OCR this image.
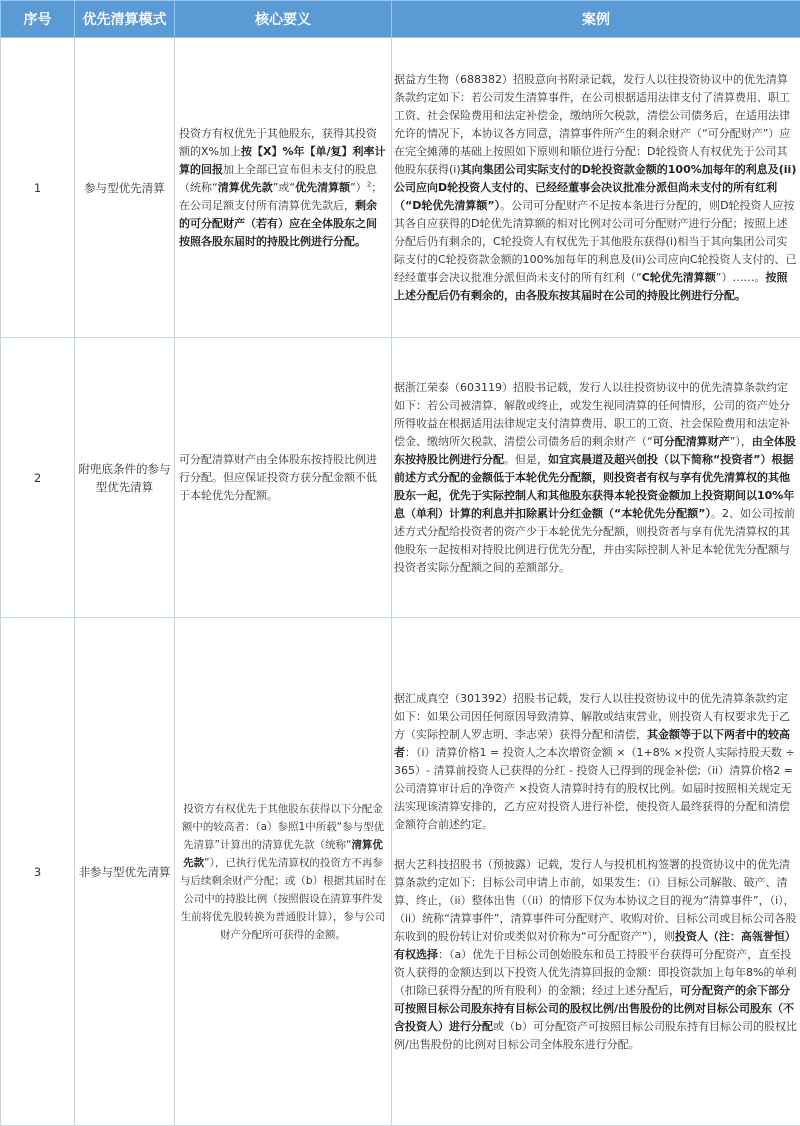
序号	优先清算模式	核心要义	案例
1	参与型优先清算	投资方有权优先于其他股东，获得其投资额的X%加上按【X】%年【单/复】利率计算的回报加上全部已宣布但未支付的股息（统称“清算优先款”或“优先清算额”）$^2$；在公司足额支付所有清算优先款后，剩余的可分配财产（若有）应在全体股东之间按照各股东届时的持股比例进行分配。	据益方生物（688382）招股意向书附录记载，发行人以往投资协议中的优先清算条款约定如下：若公司发生清算事件，在公司根据适用法律支付了清算费用、职工工资、社会保险费用和法定补偿金，缴纳所欠税款，清偿公司债务后，在适用法律允许的情况下，本协议各方同意，清算事件所产生的剩余财产（“可分配财产”）应在完全摊薄的基础上按照如下原则和顺位进行分配：D轮投资人有权优先于公司其他股东获得(i)其向集团公司实际支付的D轮投资款金额的100%加每年的利息及(ii)公司应向D轮投资人支付的、已经经董事会决议批准分派但尚未支付的所有红利（“D轮优先清算额”）。公司可分配财产不足按本条进行分配的，则D轮投资人应按其各自应获得的D轮优先清算额的相对比例对公司可分配财产进行分配；按照上述分配后仍有剩余的，C轮投资人有权优先于其他股东获得(i)相当于其向集团公司实际支付的C轮投资款金额的100%加每年的利息及(ii)公司应向C轮投资人支付的、已经经董事会决议批准分派但尚未支付的所有红利（“C轮优先清算额”）……。按照上述分配后仍有剩余的，由各股东按其届时在公司的持股比例进行分配。
2	附兜底条件的参与型优先清算	可分配清算财产由全体股东按持股比例进行分配。但应保证投资方获分配金额不低于本轮优先分配额。	据浙江荣泰（603119）招股书记载，发行人以往投资协议中的优先清算条款约定如下：若公司被清算、解散或终止，或发生视同清算的任何情形，公司的资产处分所得收益在根据适用法律规定支付清算费用、职工的工资、社会保险费用和法定补偿金、缴纳所欠税款、清偿公司债务后的剩余财产（“可分配清算财产”），由全体股东按持股比例进行分配。但是，如宜宾晨道及超兴创投（以下简称“投资者”）根据前述方式分配的金额低于本轮优先分配额，则投资者有权与享有优先清算权的其他股东一起，优先于实际控制人和其他股东获得本轮投资金额加上投资期间以10%年息（单利）计算的利息并扣除累计分红金额（“本轮优先分配额”）。2、如公司按前述方式分配给投资者的资产少于本轮优先分配额，则投资者与享有优先清算权的其他股东一起按相对持股比例进行优先分配，并由实际控制人补足本轮优先分配额与投资者实际分配额之间的差额部分。
3	非参与型优先清算	投资方有权优先于其他股东获得以下分配金额中的较高者：（a）参照1中所载“参与型优先清算”计算出的清算优先款（统称“清算优先款”），已执行优先清算权的投资方不再参与后续剩余财产分配；或（b）根据其届时在公司中的持股比例（按照假设在清算事件发生前将优先股转换为普通股计算），参与公司财产分配所可获得的金额。	据汇成真空（301392）招股书记载，发行人以往投资协议中的优先清算条款约定如下：如果公司因任何原因导致清算、解散或结束营业，则投资人有权要求先于乙方（实际控制人罗志明、李志荣）获得分配和清偿，其金额等于以下两者中的较高者：（i）清算价格1 = 投资人之本次增资金额 ×（1+8% ×投资人实际持股天数 ÷ 365）- 清算前投资人已获得的分红 - 投资人已得到的现金补偿;（ii）清算价格2 = 公司清算审计后的净资产 ×投资人清算时持有的股权比例。如届时按照相关规定无法实现该清算安排的，乙方应对投资人进行补偿，使投资人最终获得的分配和清偿金额符合前述约定。
据大艺科技招股书（预披露）记载，发行人与投机机构签署的投资协议中的优先清算条款约定如下：目标公司申请上市前，如果发生：（i）目标公司解散、破产、清算、终止，（ii）整体出售（（ii）的情形下仅为本协议之目的视为“清算事件”，（i），（ii）统称“清算事件”，清算事件可分配财产、收购对价、目标公司或目标公司各股东收到的股份转让对价或类似对价称为“可分配资产”），则投资人（注：高瓴誉恒）有权选择：（a）优先于目标公司创始股东和员工持股平台获得可分配资产，直至投资人获得的金额达到以下投资人优先清算回报的金额：即投资款加上每年8%的单利（扣除已获得分配的所有股利）的金额；经过上述分配后，可分配资产的余下部分可按照目标公司股东持有目标公司的股权比例/出售股份的比例对目标公司股东（不含投资人）进行分配或（b）可分配资产可按照目标公司股东持有目标公司的股权比例/出售股份的比例对目标公司全体股东进行分配。
